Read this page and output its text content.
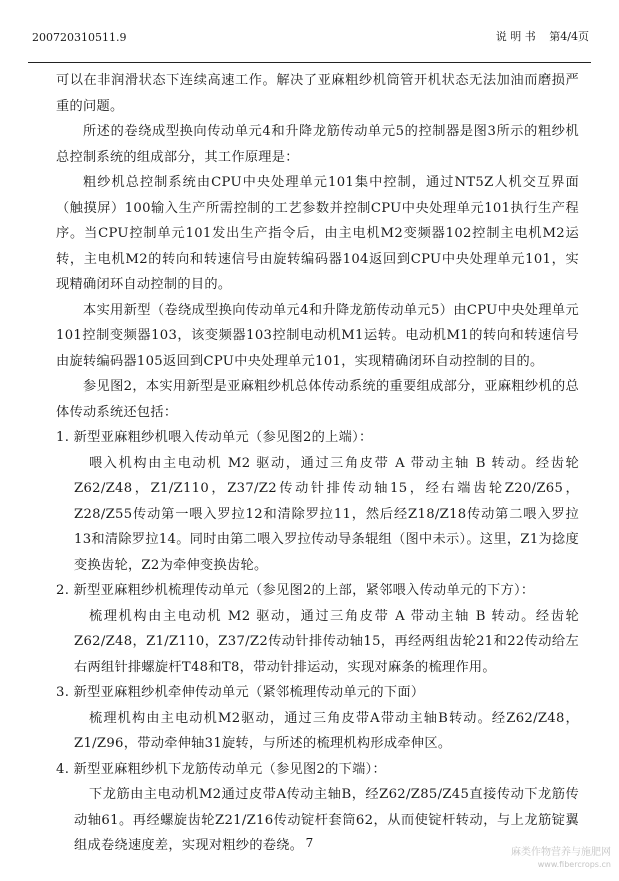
200720310511.9	说 明 书 第4/4页

可以在非润滑状态下连续高速工作。解决了亚麻粗纱机筒管开机状态无法加油而磨损严重的问题。

所述的卷绕成型换向传动单元4和升降龙筋传动单元5的控制器是图3所示的粗纱机总控制系统的组成部分，其工作原理是：

粗纱机总控制系统由CPU中央处理单元101集中控制，通过NT5Z人机交互界面（触摸屏）100输入生产所需控制的工艺参数并控制CPU中央处理单元101执行生产程序。当CPU控制单元101发出生产指令后，由主电机M2变频器102控制主电机M2运转，主电机M2的转向和转速信号由旋转编码器104返回到CPU中央处理单元101，实现精确闭环自动控制的目的。

本实用新型（卷绕成型换向传动单元4和升降龙筋传动单元5）由CPU中央处理单元101控制变频器103，该变频器103控制电动机M1运转。电动机M1的转向和转速信号由旋转编码器105返回到CPU中央处理单元101，实现精确闭环自动控制的目的。

参见图2，本实用新型是亚麻粗纱机总体传动系统的重要组成部分，亚麻粗纱机的总体传动系统还包括：

1. 新型亚麻粗纱机喂入传动单元（参见图2的上端）：

喂入机构由主电动机 M2 驱动，通过三角皮带 A 带动主轴 B 转动。经齿轮Z62/Z48，Z1/Z110，Z37/Z2传动针排传动轴15，经右端齿轮Z20/Z65，Z28/Z55传动第一喂入罗拉12和清除罗拉11，然后经Z18/Z18传动第二喂入罗拉13和清除罗拉14。同时由第二喂入罗拉传动导条辊组（图中未示）。这里，Z1为捻度变换齿轮，Z2为牵伸变换齿轮。

2. 新型亚麻粗纱机梳理传动单元（参见图2的上部，紧邻喂入传动单元的下方）：

梳理机构由主电动机 M2 驱动，通过三角皮带 A 带动主轴 B 转动。经齿轮Z62/Z48，Z1/Z110，Z37/Z2传动针排传动轴15，再经两组齿轮21和22传动给左右两组针排螺旋杆T48和T8，带动针排运动，实现对麻条的梳理作用。

3. 新型亚麻粗纱机牵伸传动单元（紧邻梳理传动单元的下面）

梳理机构由主电动机M2驱动，通过三角皮带A带动主轴B转动。经Z62/Z48，Z1/Z96，带动牵伸轴31旋转，与所述的梳理机构形成牵伸区。

4. 新型亚麻粗纱机下龙筋传动单元（参见图2的下端）：

下龙筋由主电动机M2通过皮带A传动主轴B，经Z62/Z85/Z45直接传动下龙筋传动轴61。再经螺旋齿轮Z21/Z16传动锭杆套筒62，从而使锭杆转动，与上龙筋锭翼组成卷绕速度差，实现对粗纱的卷绕。 7
麻类作物营养与施肥网
www.fibercrops.cn
